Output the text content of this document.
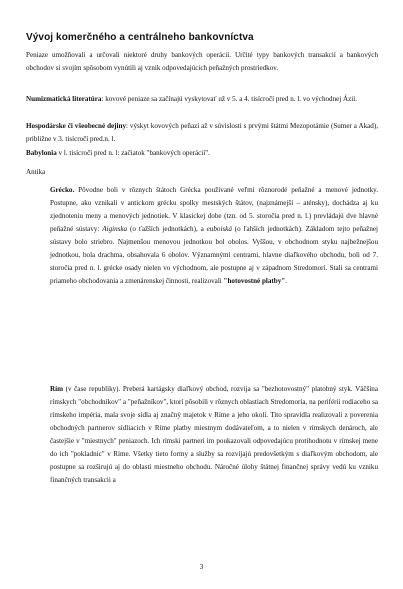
Vývoj komerčného a centrálneho bankovníctva

Peniaze umožňovali a určovali niektoré druhy bankových operácií. Určité typy bankových transakcií a bankových obchodov si svojím spôsobom vynútili aj vznik odpovedajúcich peňažných prostriedkov.

Numizmatická literatúra: kovové peniaze sa začínajú vyskytovať už v 5. a 4. tisícročí pred n. l. vo východnej Ázii.

Hospodárske či všeobecné dejiny: výskyt kovových peňazí až v súvislosti s prvými štátmi Mezopotámie (Sumer a Akad), približne v 3. tisícročí pred.n. l.

Babylonia v l. tisícročí pred n. l: začiatok "bankových operácií".

Antika

Grécko. Pôvodne boli v rôznych štátoch Grécka používané veľmi rôznorodé peňažné a menové jednotky. Postupne, ako vznikali v antickom grécku spolky mestských štátov, (najznámejší – aténsky), dochádza aj ku zjednoteniu meny a menových jednotiek. V klasickej dobe (tzn. od 5. storočia pred n. l.) prevládajú dve hlavné peňažné sústavy: Aiginska (o ťažších jednotkách), a euboiská (o ľahších jednotkách). Základom tejto peňažnej sústavy bolo striebro. Najmenšou menovou jednotkou bol obolos. Vyššou, v obchodnom styku najbežnejšou jednotkou, bola drachma, obsahovala 6 obolov. Významnými centrami, hlavne diaľkového obchodu, boli od 7. storočia pred n. l. grécke osady nielen vo východnom, ale postupne aj v západnom Stredomorí. Stali sa centrami priameho obchodovania a zmenárenskej činnosti, realizovali "hotovostné platby".

Rím (v čase republiky). Preberá kartágsky diaľkový obchod, rozvija sa "bezhotovostný" platobný styk. Väčšina rímskych "obchodníkov" a "peňažníkov", ktorí pôsobili v rôznych oblastiach Stredomoria, na periférii rodiaceho sa rímskeho impéria, mala svoje sídla aj značný majetok v Ríme a jeho okolí. Tito spravidla realizovali z poverenia obchodných partnerov sídliacich v Ríme platby miestnym dodávateľom, a to nielen v rímskych denároch, ale častejšie v "miestnych" peniazoch. Ich rímski partneri im poukazovali odpovedajúcu protihodnotu v rímskej mene do ich "pokladnic" v Ríme. Všetky tieto formy a služby sa rozvíjajú predovšetkým s diaľkovým obchodom, ale postupne sa rozširujú aj do oblasti miestneho obchodu. Náročné úlohy štátnej finančnej správy vedú ku vzniku finančných transakcii a

3
